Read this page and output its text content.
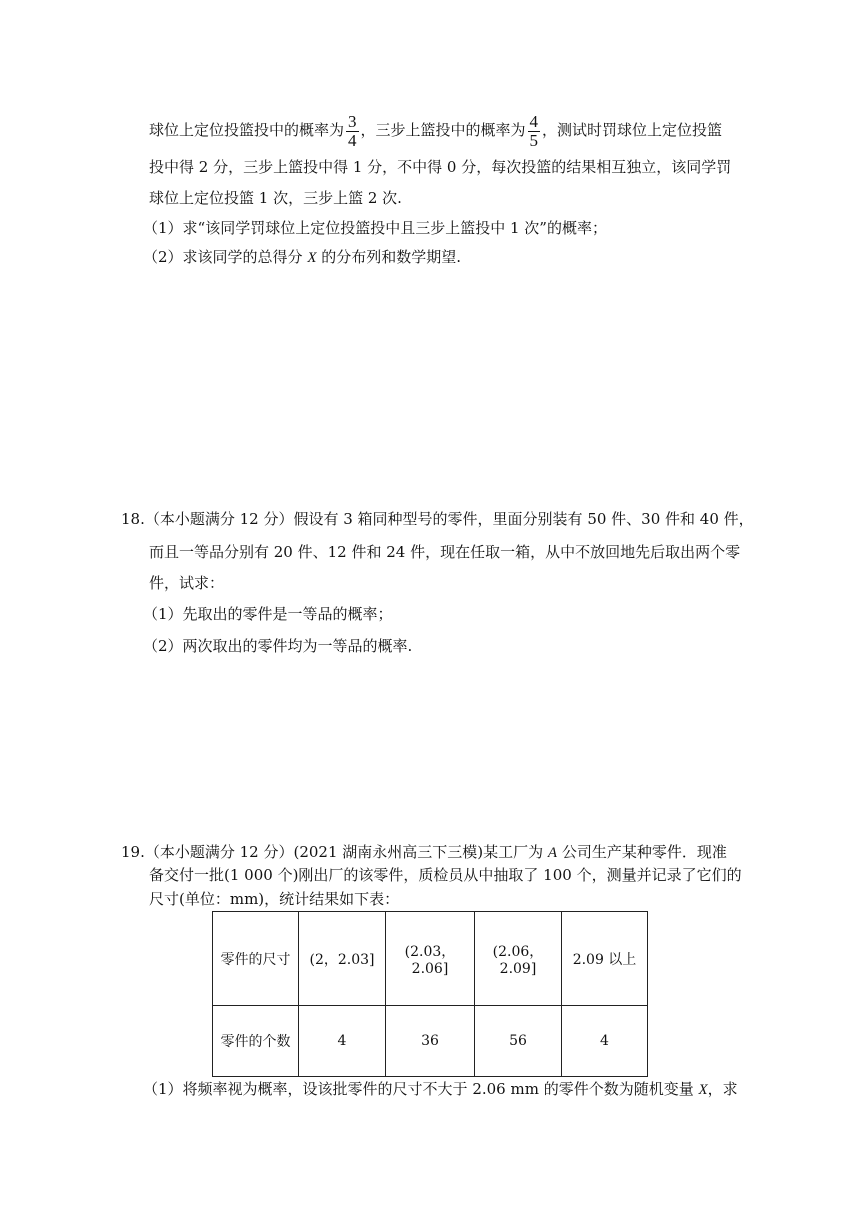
球位上定位投篮投中的概率为 $\frac{3}{4}$ ，三步上篮投中的概率为 $\frac{4}{5}$ ，测试时罚球位上定位投篮
投中得 2 分，三步上篮投中得 1 分，不中得 0 分，每次投篮的结果相互独立，该同学罚
球位上定位投篮 1 次，三步上篮 2 次.
（1）求“该同学罚球位上定位投篮投中且三步上篮投中 1 次”的概率；
（2）求该同学的总得分 X 的分布列和数学期望.
18.（本小题满分 12 分）假设有 3 箱同种型号的零件，里面分别装有 50 件、30 件和 40 件，
而且一等品分别有 20 件、12 件和 24 件，现在任取一箱，从中不放回地先后取出两个零
件，试求：
（1）先取出的零件是一等品的概率；
（2）两次取出的零件均为一等品的概率.
19.（本小题满分 12 分）(2021 湖南永州高三下三模)某工厂为 A 公司生产某种零件．现准
备交付一批(1 000 个)刚出厂的该零件，质检员从中抽取了 100 个，测量并记录了它们的
尺寸(单位：mm)，统计结果如下表：
零件的尺寸	(2，2.03]	(2.03，2.06]	(2.06，2.09]	2.09 以上
零件的个数	4	36	56	4
（1）将频率视为概率，设该批零件的尺寸不大于 2.06 mm 的零件个数为随机变量 X，求
